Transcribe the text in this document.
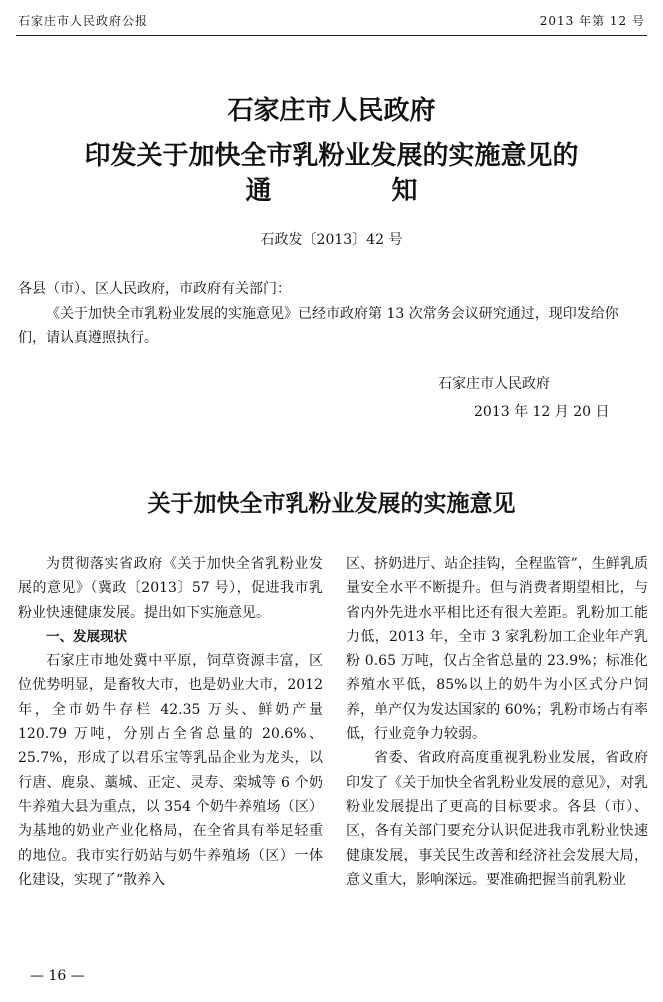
石家庄市人民政府公报	2013 年第 12 号
石家庄市人民政府
印发关于加快全市乳粉业发展的实施意见的
通	知
石政发〔2013〕42 号
各县（市）、区人民政府，市政府有关部门：
《关于加快全市乳粉业发展的实施意见》已经市政府第 13 次常务会议研究通过，现印发给你们，请认真遵照执行。
石家庄市人民政府
2013 年 12 月 20 日
关于加快全市乳粉业发展的实施意见

为贯彻落实省政府《关于加快全省乳粉业发展的意见》（冀政〔2013〕57 号），促进我市乳粉业快速健康发展。提出如下实施意见。

一、发展现状

石家庄市地处冀中平原，饲草资源丰富，区位优势明显，是畜牧大市，也是奶业大市，2012 年，全市奶牛存栏 42.35 万头、鲜奶产量 120.79 万吨，分别占全省总量的 20.6%、25.7%，形成了以君乐宝等乳品企业为龙头，以行唐、鹿泉、藁城、正定、灵寿、栾城等 6 个奶牛养殖大县为重点，以 354 个奶牛养殖场（区）为基地的奶业产业化格局，在全省具有举足轻重的地位。我市实行奶站与奶牛养殖场（区）一体化建设，实现了“散养入

区、挤奶进厅、站企挂钩，全程监管”，生鲜乳质量安全水平不断提升。但与消费者期望相比，与省内外先进水平相比还有很大差距。乳粉加工能力低，2013 年，全市 3 家乳粉加工企业年产乳粉 0.65 万吨，仅占全省总量的 23.9%；标准化养殖水平低，85%以上的奶牛为小区式分户饲养，单产仅为发达国家的 60%；乳粉市场占有率低，行业竞争力较弱。

省委、省政府高度重视乳粉业发展，省政府印发了《关于加快全省乳粉业发展的意见》，对乳粉业发展提出了更高的目标要求。各县（市）、区，各有关部门要充分认识促进我市乳粉业快速健康发展，事关民生改善和经济社会发展大局，意义重大，影响深远。要准确把握当前乳粉业

— 16 —
